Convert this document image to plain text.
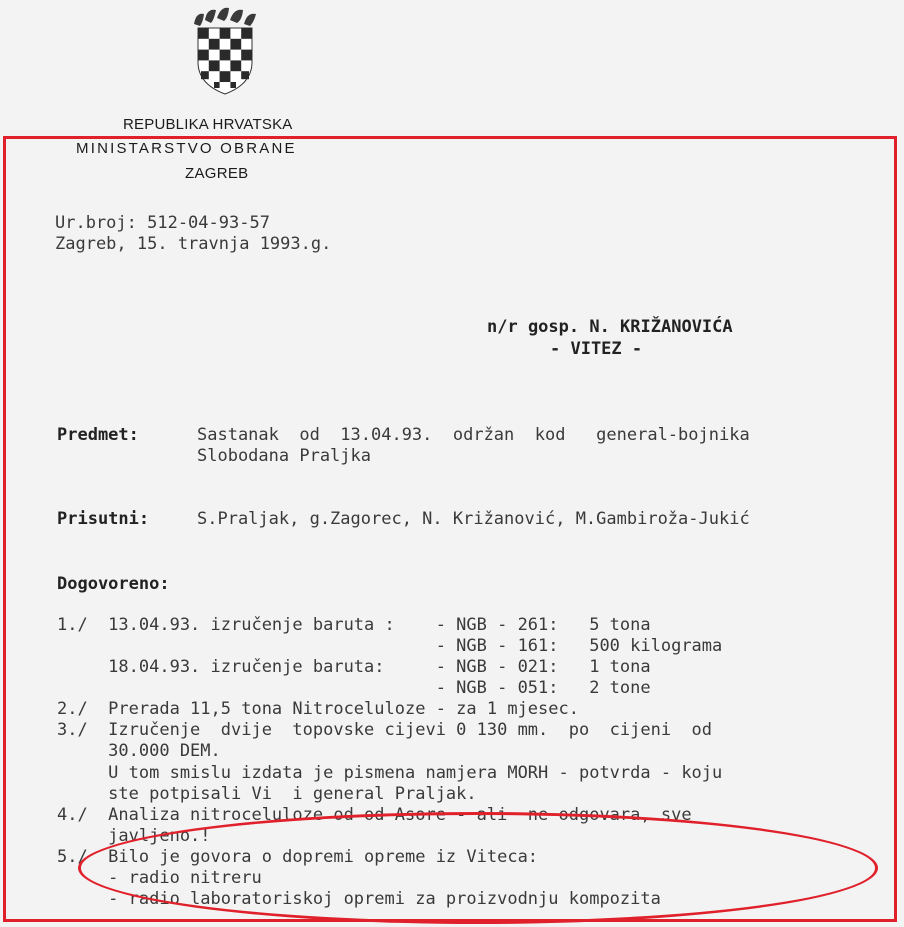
REPUBLIKA HRVATSKA
MINISTARSTVO OBRANE
ZAGREB
Ur.broj: 512-04-93-57
Zagreb, 15. travnja 1993.g.
n/r gosp. N. KRIŽANOVIĆA
- VITEZ -
Predmet:	Sastanak  od  13.04.93.  održan  kod   general-bojnika
Slobodana Praljka
Prisutni:	S.Praljak, g.Zagorec, N. Križanović, M.Gambiroža-Jukić
Dogovoreno:
1./  13.04.93. izručenje baruta :    - NGB - 261:   5 tona
- NGB - 161:   500 kilograma
18.04.93. izručenje baruta:     - NGB - 021:   1 tona
- NGB - 051:   2 tone
2./  Prerada 11,5 tona Nitroceluloze - za 1 mjesec.
3./  Izručenje  dvije  topovske cijevi 0 130 mm.  po  cijeni  od
30.000 DEM.
U tom smislu izdata je pismena namjera MORH - potvrda - koju
ste potpisali Vi  i general Praljak.
4./  Analiza nitroceluloze od od Asore - ali  ne odgovara, sve
javljeno.!
5./  Bilo je govora o dopremi opreme iz Viteca:
- radio nitreru
- radio laboratoriskoj opremi za proizvodnju kompozita
